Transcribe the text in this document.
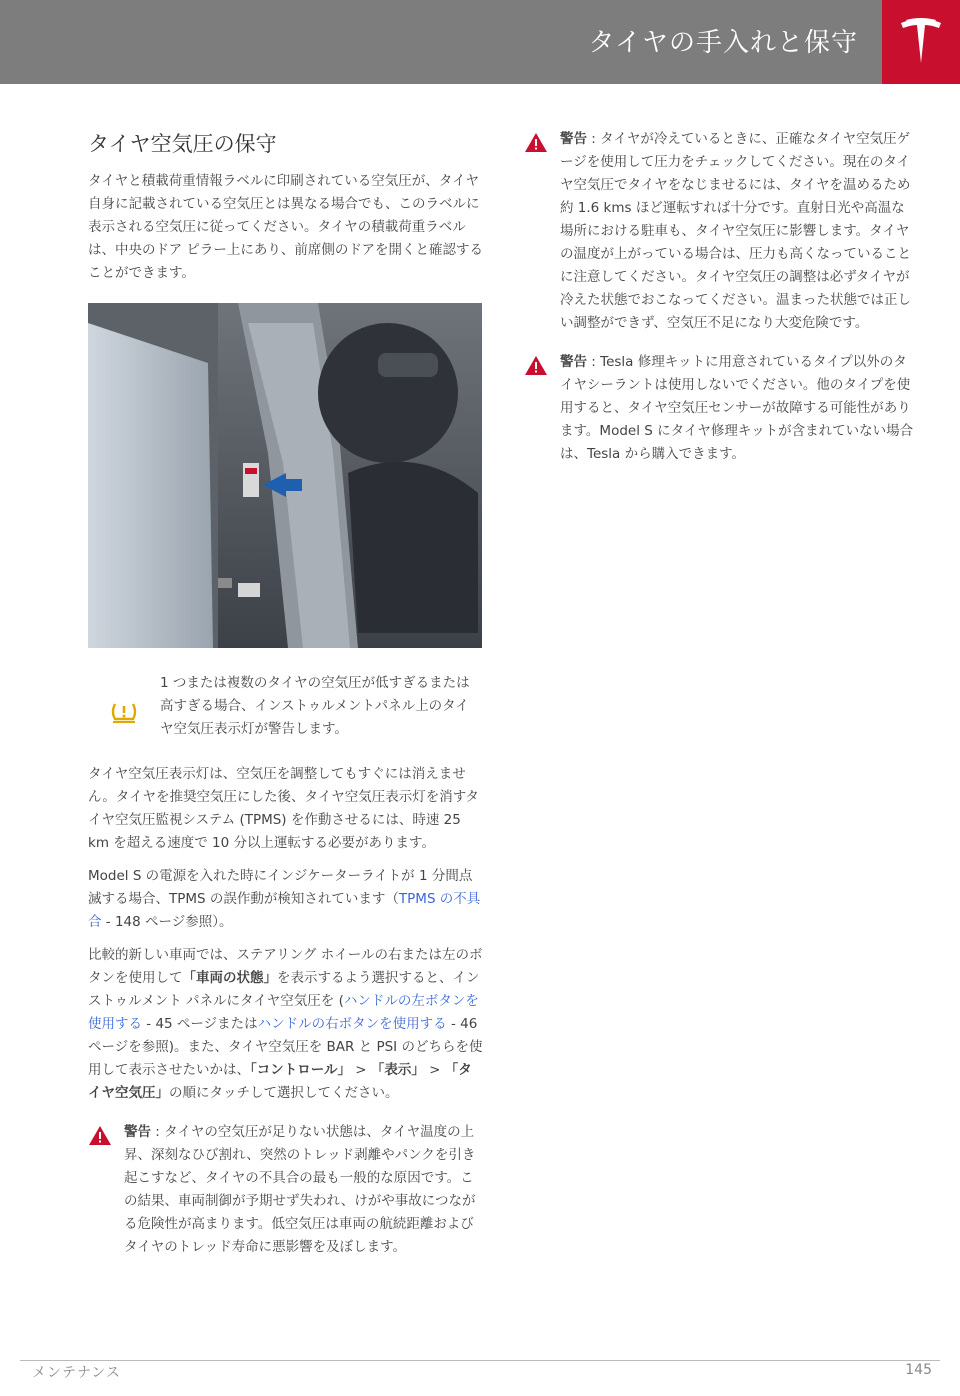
タイヤの手入れと保守
タイヤ空気圧の保守

タイヤと積載荷重情報ラベルに印刷されている空気圧が、タイヤ自身に記載されている空気圧とは異なる場合でも、このラベルに表示される空気圧に従ってください。タイヤの積載荷重ラベルは、中央のドア ピラー上にあり、前席側のドアを開くと確認することができます。

1 つまたは複数のタイヤの空気圧が低すぎるまたは高すぎる場合、インストゥルメントパネル上のタイヤ空気圧表示灯が警告します。

タイヤ空気圧表示灯は、空気圧を調整してもすぐには消えません。タイヤを推奨空気圧にした後、タイヤ空気圧表示灯を消すタイヤ空気圧監視システム (TPMS) を作動させるには、時速 25 km を超える速度で 10 分以上運転する必要があります。

Model S の電源を入れた時にインジケーターライトが 1 分間点滅する場合、TPMS の誤作動が検知されています（TPMS の不具合 - 148 ページ参照）。

比較的新しい車両では、ステアリング ホイールの右または左のボタンを使用して「車両の状態」を表示するよう選択すると、インストゥルメント パネルにタイヤ空気圧を (ハンドルの左ボタンを使用する - 45 ページまたはハンドルの右ボタンを使用する - 46 ページを参照)。また、タイヤ空気圧を BAR と PSI のどちらを使用して表示させたいかは、「コントロール」 > 「表示」 > 「タイヤ空気圧」の順にタッチして選択してください。

警告 : タイヤの空気圧が足りない状態は、タイヤ温度の上昇、深刻なひび割れ、突然のトレッド剥離やパンクを引き起こすなど、タイヤの不具合の最も一般的な原因です。この結果、車両制御が予期せず失われ、けがや事故につながる危険性が高まります。低空気圧は車両の航続距離およびタイヤのトレッド寿命に悪影響を及ぼします。
警告 : タイヤが冷えているときに、正確なタイヤ空気圧ゲージを使用して圧力をチェックしてください。現在のタイヤ空気圧でタイヤをなじませるには、タイヤを温めるため約 1.6 kms ほど運転すれば十分です。直射日光や高温な場所における駐車も、タイヤ空気圧に影響します。タイヤの温度が上がっている場合は、圧力も高くなっていることに注意してください。タイヤ空気圧の調整は必ずタイヤが冷えた状態でおこなってください。温まった状態では正しい調整ができず、空気圧不足になり大変危険です。
警告 : Tesla 修理キットに用意されているタイプ以外のタイヤシーラントは使用しないでください。他のタイプを使用すると、タイヤ空気圧センサーが故障する可能性があります。Model S にタイヤ修理キットが含まれていない場合は、Tesla から購入できます。
メンテナンス	145
